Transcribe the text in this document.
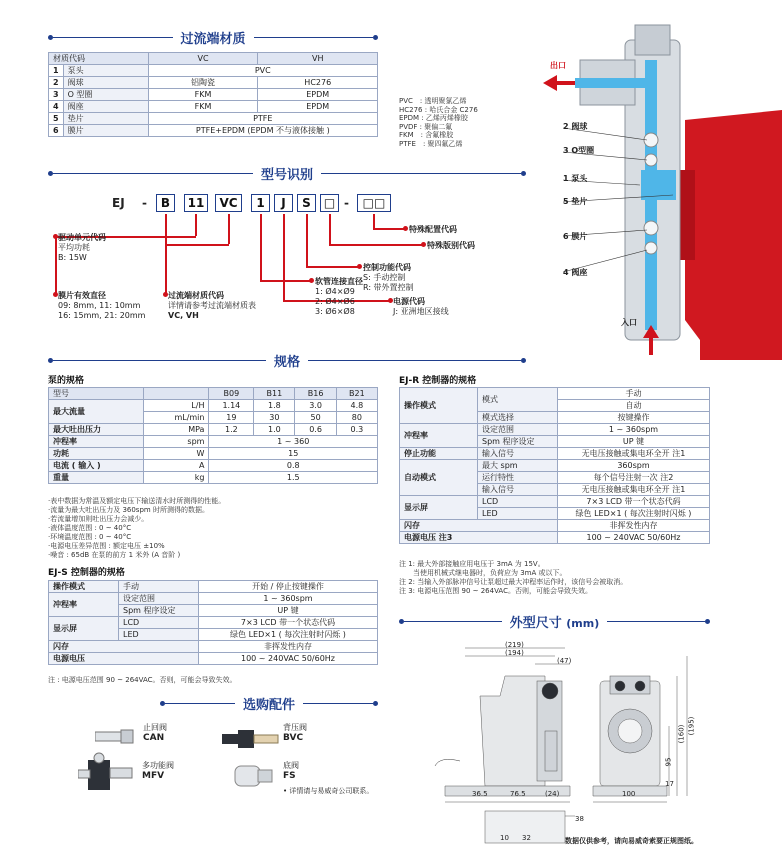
过流端材质
材质代码		VC	VH
1	泵头	PVC	
2	阀球	铝陶瓷	HC276
3	O 型圈	FKM	EPDM
4	阀座	FKM	EPDM
5	垫片	PTFE	
6	膜片	PTFE+EPDM (EPDM 不与液体接触 )	
PVC　: 透明聚氯乙烯
HC276 : 哈氏合金 C276
EPDM : 乙烯丙烯橡胶
PVDF : 聚偏二氟
FKM　: 含氟橡胶
PTFE　: 聚四氟乙烯
出口
入口
2 阀球
3 O型圈
1 泵头
5 垫片
6 膜片
4 阀座
型号识别
EJ -	B	11	VC	1	J	S	□ -	□□
驱动单元代码
平均功耗
B: 15W
膜片有效直径
09: 8mm, 11: 10mm
16: 15mm, 21: 20mm
过流端材质代码
详情请参考过流端材质表
VC, VH
软管连接直径
1: Ø4×Ø9
2: Ø4×Ø6
3: Ø6×Ø8
电源代码
J: 亚洲地区接线
控制功能代码
S: 手动控制
R: 带外置控制
特殊版别代码
特殊配置代码
规格
泵的规格
型号		B09	B11	B16	B21
最大流量	L/H	1.14	1.8	3.0	4.8
	mL/min	19	30	50	80
最大吐出压力	MPa	1.2	1.0	0.6	0.3
冲程率	spm	1 ~ 360			
功耗	W	15			
电流 ( 输入 )	A	0.8			
重量	kg	1.5			
·表中数据为常温及额定电压下输送清水时所测得的性能。
·流量为最大吐出压力及 360spm 时所测得的数据。
·若流量增加则吐出压力会减少。
·液体温度范围 : 0 ~ 40°C
·环境温度范围 : 0 ~ 40°C
·电源电压差异范围 : 额定电压 ±10%
·噪音 : 65dB 在泵的前方 1 米外 (A 音阶 )
EJ-S 控制器的规格
操作模式	手动	开始 / 停止按键操作
冲程率	设定范围	1 ~ 360spm
	Spm 程序设定	UP 键
显示屏	LCD	7×3 LCD 带一个状态代码
	LED	绿色 LED×1 ( 每次注射时闪烁 )
闪存		非挥发性内存
电源电压		100 ~ 240VAC 50/60Hz
注 : 电源电压范围 90 ~ 264VAC。否则，可能会导致失效。
EJ-R 控制器的规格
操作模式	模式	手动
		自动
	模式选择	按键操作
冲程率	设定范围	1 ~ 360spm
	Spm 程序设定	UP 键
停止功能	输入信号	无电压接触或集电环全开 注1
自动模式	最大 spm	360spm
	运行特性	每个信号注射一次 注2
	输入信号	无电压接触或集电环全开 注1
显示屏	LCD	7×3 LCD 带一个状态代码
	LED	绿色 LED×1 ( 每次注射时闪烁 )
闪存		非挥发性内存
电源电压 注3		100 ~ 240VAC 50/60Hz
注 1: 最大外部接触应用电压于 3mA 为 15V。
　　当使用机械式继电器时，负荷应为 3mA 或以下。
注 2: 当输入外部脉冲信号让泵超过最大冲程率运作时，该信号会被取消。
注 3: 电源电压范围 90 ~ 264VAC。否则，可能会导致失效。
外型尺寸 (mm)
(219)
(194)
(47)
36.5	76.5	(24)	100
(160) (195)
95
17
38
10 32	数据仅供参考，请向易威奇索要正规图纸。
选购配件
止回阀
CAN
背压阀
BVC
多功能阀
MFV
底阀
FS
• 详情请与易威奇公司联系。
